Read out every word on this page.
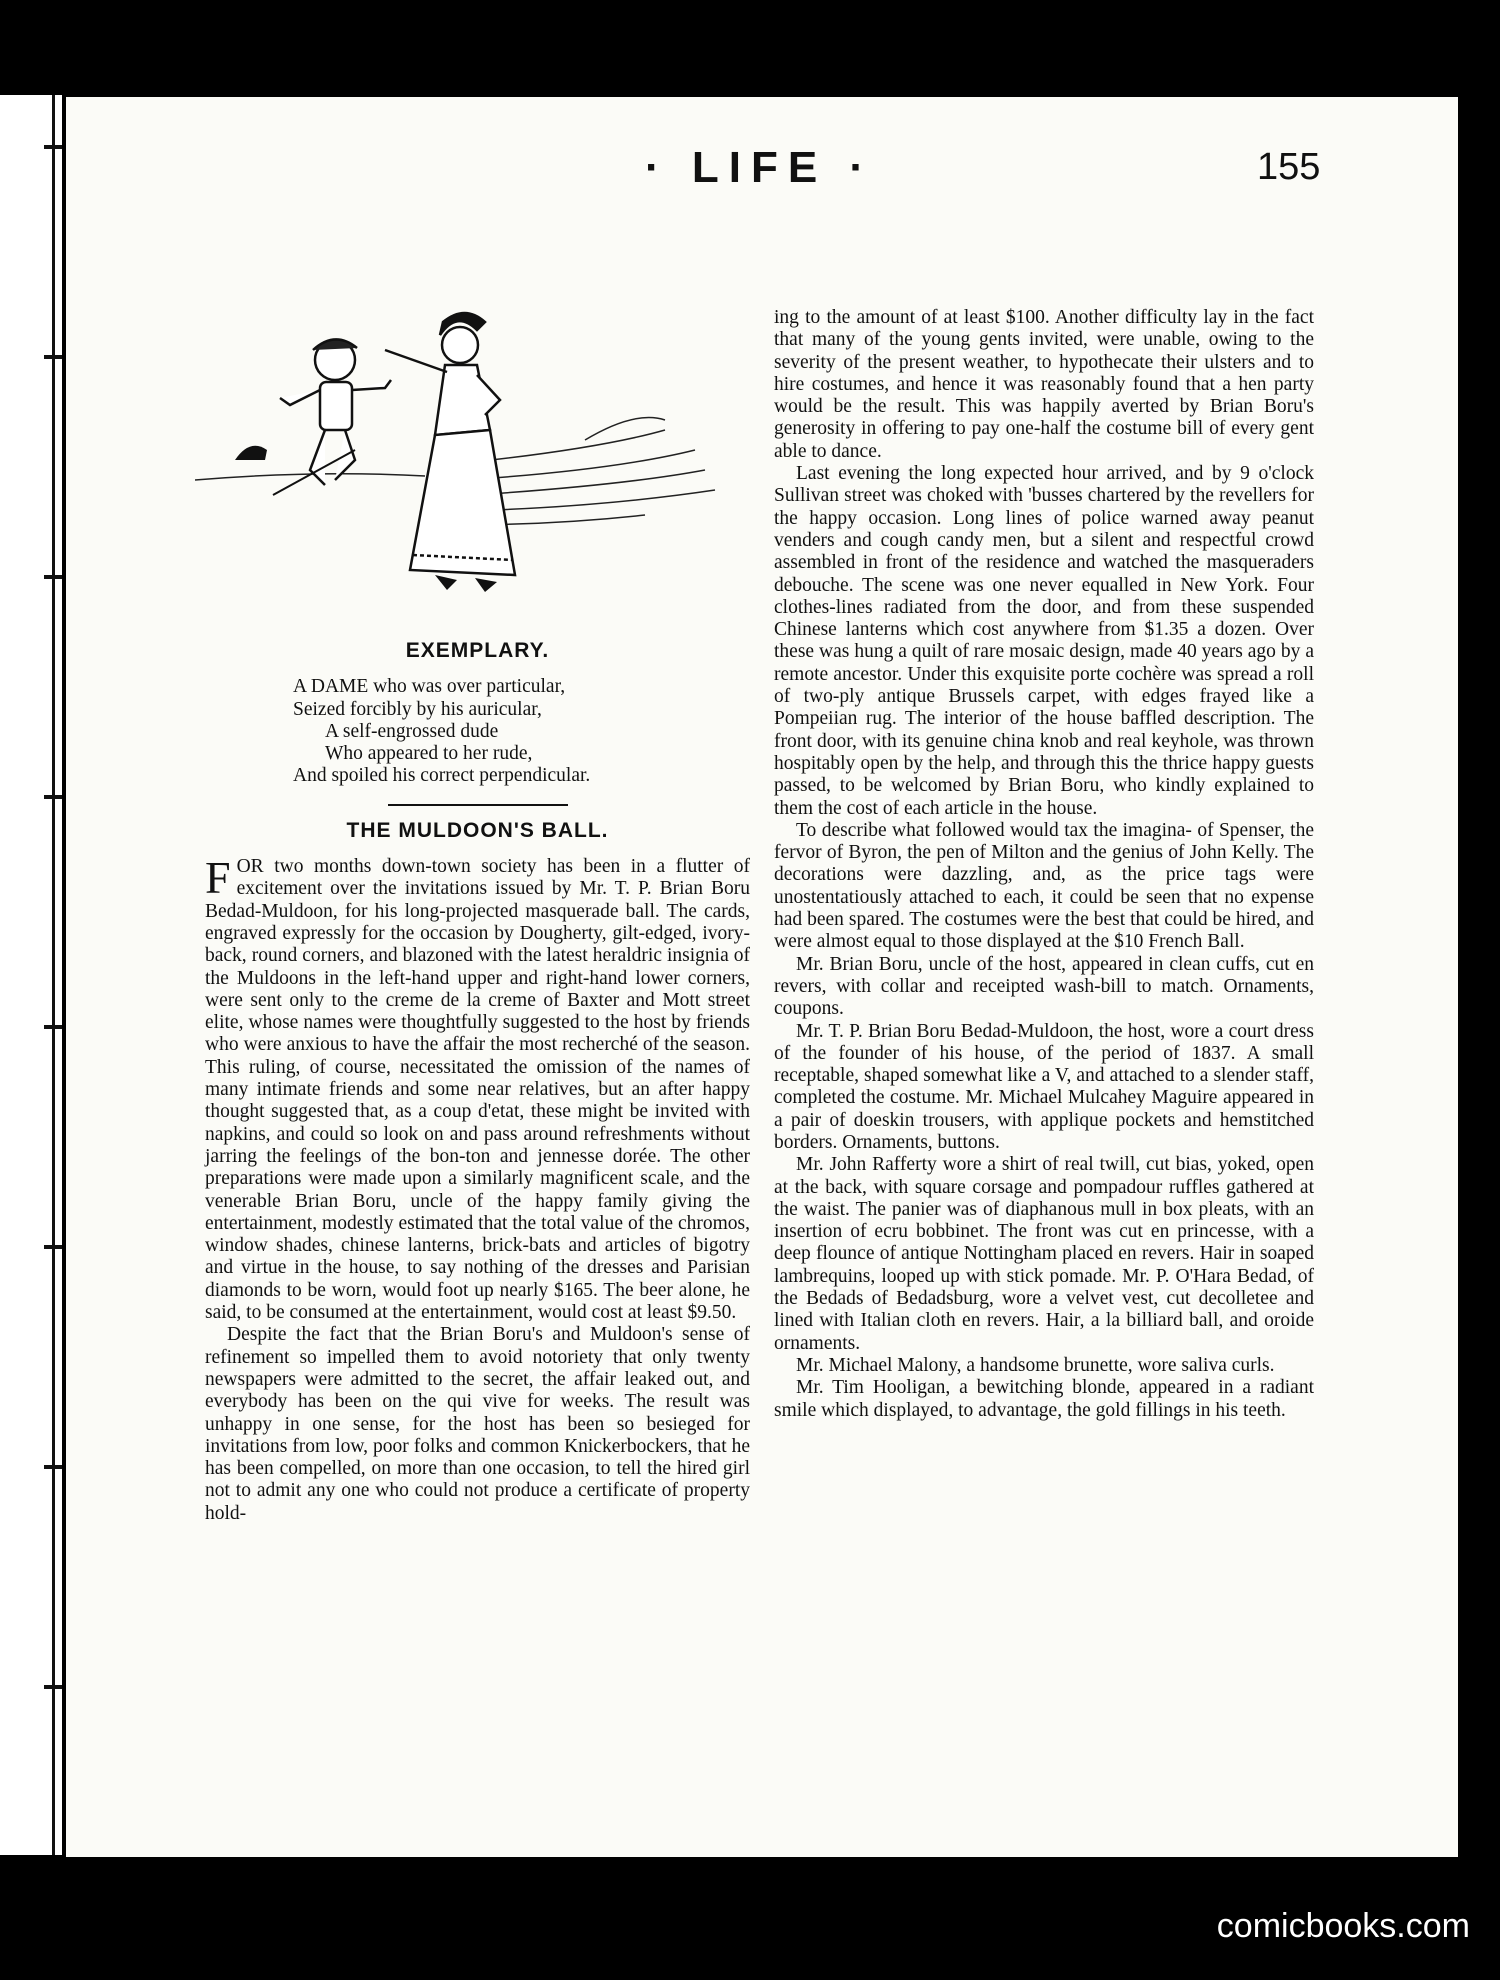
· LIFE ·	155
EXEMPLARY.
A DAME who was over particular,
Seized forcibly by his auricular,
A self-engrossed dude
Who appeared to her rude,
And spoiled his correct perpendicular.
THE MULDOON'S BALL.

FOR two months down-town society has been in a flutter of excitement over the invitations issued by Mr. T. P. Brian Boru Bedad-Muldoon, for his long-projected masquerade ball. The cards, engraved expressly for the occasion by Dougherty, gilt-edged, ivory-back, round corners, and blazoned with the latest heraldric insignia of the Muldoons in the left-hand upper and right-hand lower corners, were sent only to the creme de la creme of Baxter and Mott street elite, whose names were thoughtfully suggested to the host by friends who were anxious to have the affair the most recherché of the season. This ruling, of course, necessitated the omission of the names of many intimate friends and some near relatives, but an after happy thought suggested that, as a coup d'etat, these might be invited with napkins, and could so look on and pass around refreshments without jarring the feelings of the bon-ton and jennesse dorée. The other preparations were made upon a similarly magnificent scale, and the venerable Brian Boru, uncle of the happy family giving the entertainment, modestly estimated that the total value of the chromos, window shades, chinese lanterns, brick-bats and articles of bigotry and virtue in the house, to say nothing of the dresses and Parisian diamonds to be worn, would foot up nearly $165. The beer alone, he said, to be consumed at the entertainment, would cost at least $9.50.

Despite the fact that the Brian Boru's and Muldoon's sense of refinement so impelled them to avoid notoriety that only twenty newspapers were admitted to the secret, the affair leaked out, and everybody has been on the qui vive for weeks. The result was unhappy in one sense, for the host has been so besieged for invitations from low, poor folks and common Knickerbockers, that he has been compelled, on more than one occasion, to tell the hired girl not to admit any one who could not produce a certificate of property hold-

ing to the amount of at least $100. Another difficulty lay in the fact that many of the young gents invited, were unable, owing to the severity of the present weather, to hypothecate their ulsters and to hire costumes, and hence it was reasonably found that a hen party would be the result. This was happily averted by Brian Boru's generosity in offering to pay one-half the costume bill of every gent able to dance.

Last evening the long expected hour arrived, and by 9 o'clock Sullivan street was choked with 'busses chartered by the revellers for the happy occasion. Long lines of police warned away peanut venders and cough candy men, but a silent and respectful crowd assembled in front of the residence and watched the masqueraders debouche. The scene was one never equalled in New York. Four clothes-lines radiated from the door, and from these suspended Chinese lanterns which cost anywhere from $1.35 a dozen. Over these was hung a quilt of rare mosaic design, made 40 years ago by a remote ancestor. Under this exquisite porte cochère was spread a roll of two-ply antique Brussels carpet, with edges frayed like a Pompeiian rug. The interior of the house baffled description. The front door, with its genuine china knob and real keyhole, was thrown hospitably open by the help, and through this the thrice happy guests passed, to be welcomed by Brian Boru, who kindly explained to them the cost of each article in the house.

To describe what followed would tax the imagina- of Spenser, the fervor of Byron, the pen of Milton and the genius of John Kelly. The decorations were dazzling, and, as the price tags were unostentatiously attached to each, it could be seen that no expense had been spared. The costumes were the best that could be hired, and were almost equal to those displayed at the $10 French Ball.

Mr. Brian Boru, uncle of the host, appeared in clean cuffs, cut en revers, with collar and receipted wash-bill to match. Ornaments, coupons.

Mr. T. P. Brian Boru Bedad-Muldoon, the host, wore a court dress of the founder of his house, of the period of 1837. A small receptable, shaped somewhat like a V, and attached to a slender staff, completed the costume. Mr. Michael Mulcahey Maguire appeared in a pair of doeskin trousers, with applique pockets and hemstitched borders. Ornaments, buttons.

Mr. John Rafferty wore a shirt of real twill, cut bias, yoked, open at the back, with square corsage and pompadour ruffles gathered at the waist. The panier was of diaphanous mull in box pleats, with an insertion of ecru bobbinet. The front was cut en princesse, with a deep flounce of antique Nottingham placed en revers. Hair in soaped lambrequins, looped up with stick pomade. Mr. P. O'Hara Bedad, of the Bedads of Bedadsburg, wore a velvet vest, cut decolletee and lined with Italian cloth en revers. Hair, a la billiard ball, and oroide ornaments.

Mr. Michael Malony, a handsome brunette, wore saliva curls.

Mr. Tim Hooligan, a bewitching blonde, appeared in a radiant smile which displayed, to advantage, the gold fillings in his teeth.

comicbooks.com
